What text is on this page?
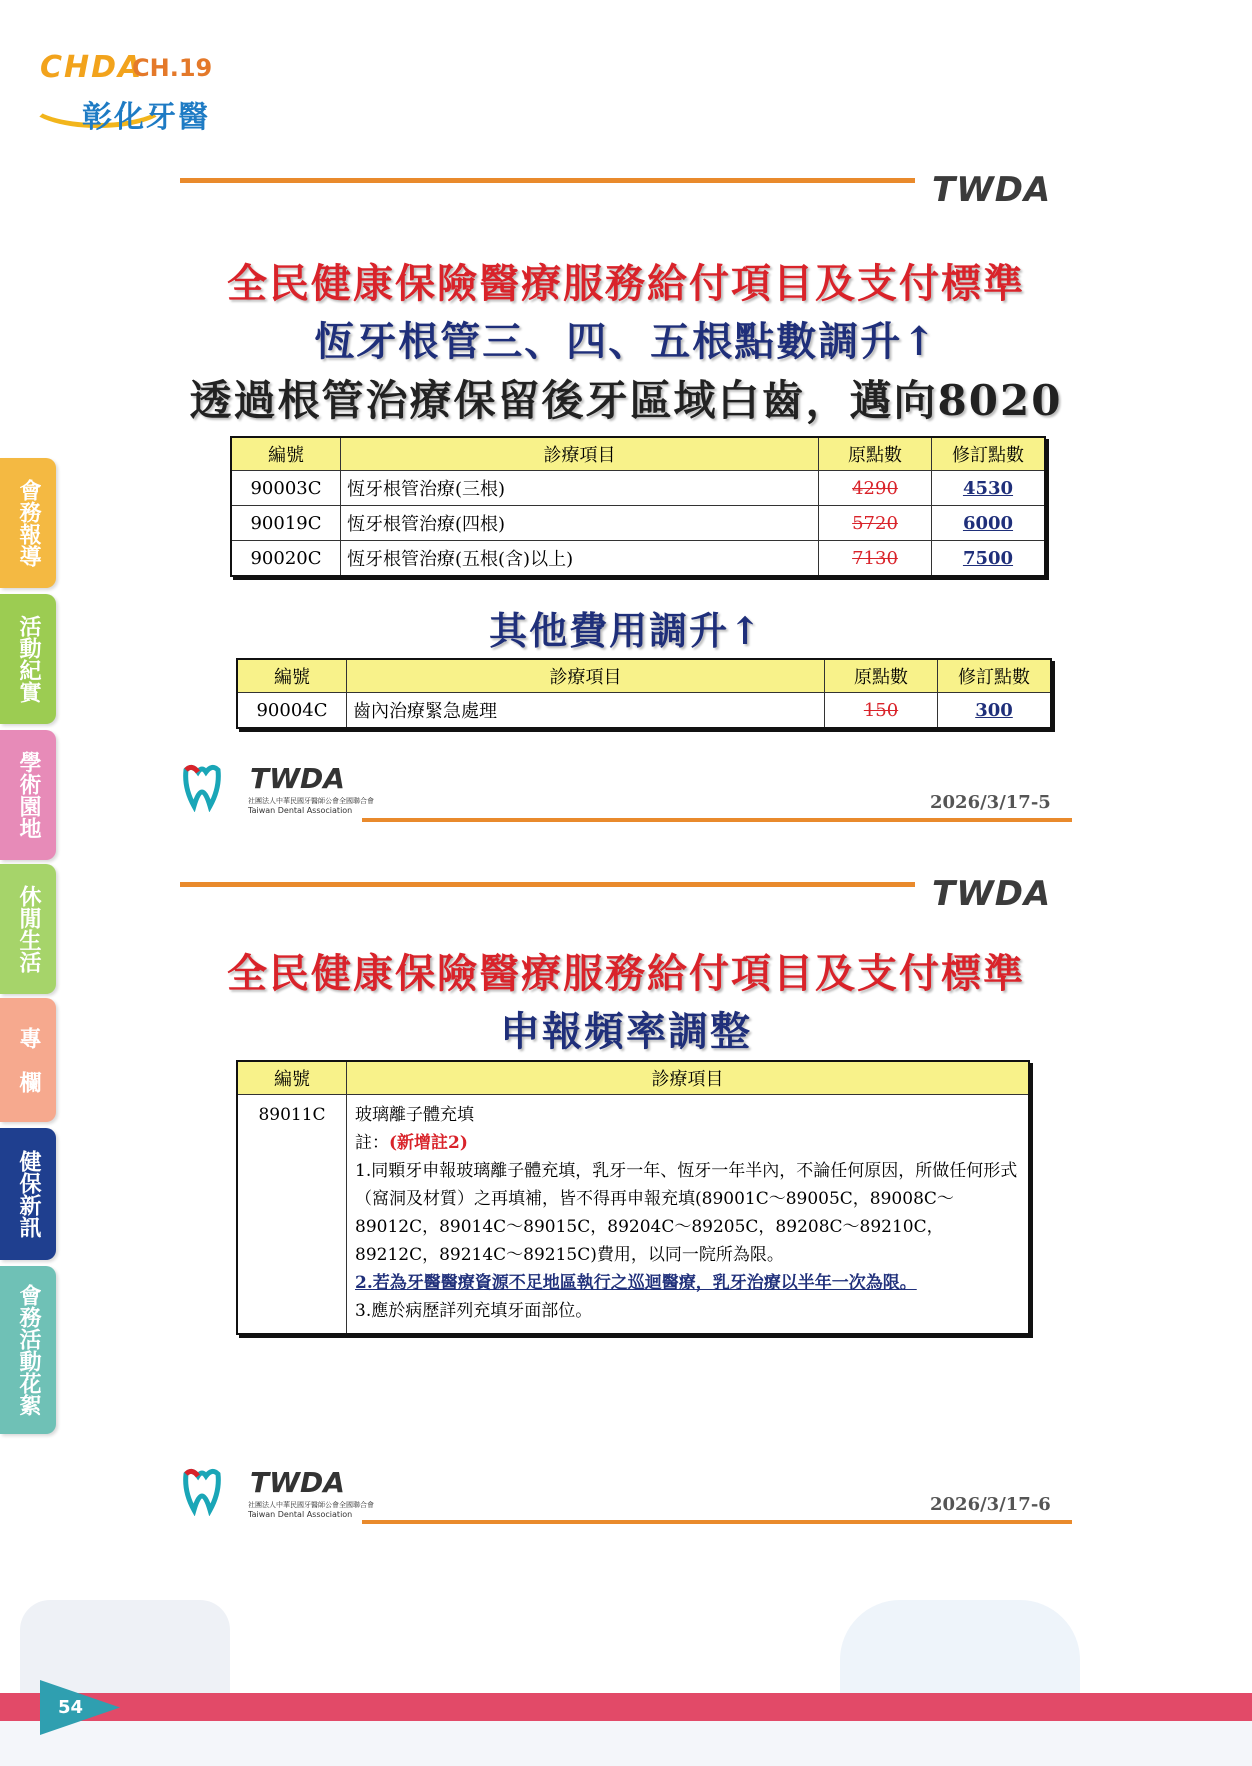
CHDA
CH.19
彰化牙醫
會務報導
活動紀實
學術園地
休閒生活
專　欄
健保新訊
會務活動花絮
TWDA
全民健康保險醫療服務給付項目及支付標準
恆牙根管三、四、五根點數調升↑
透過根管治療保留後牙區域白齒，邁向8020
編號	診療項目	原點數	修訂點數
90003C	恆牙根管治療(三根)	4290	4530
90019C	恆牙根管治療(四根)	5720	6000
90020C	恆牙根管治療(五根(含)以上)	7130	7500
其他費用調升↑
編號	診療項目	原點數	修訂點數
90004C	齒內治療緊急處理	150	300
TWDA
社團法人中華民國牙醫師公會全國聯合會
Taiwan Dental Association	2026/3/17-5
TWDA
全民健康保險醫療服務給付項目及支付標準
申報頻率調整
編號	診療項目
89011C	玻璃離子體充填
註：(新增註2)
1.同顆牙申報玻璃離子體充填，乳牙一年、恆牙一年半內，不論任何原因，所做任何形式（窩洞及材質）之再填補，皆不得再申報充填(89001C～89005C，89008C～89012C，89014C～89015C，89204C～89205C，89208C～89210C，89212C，89214C～89215C)費用，以同一院所為限。
2.若為牙醫醫療資源不足地區執行之巡迴醫療，乳牙治療以半年一次為限。
3.應於病歷詳列充填牙面部位。
TWDA
社團法人中華民國牙醫師公會全國聯合會
Taiwan Dental Association	2026/3/17-6
54
